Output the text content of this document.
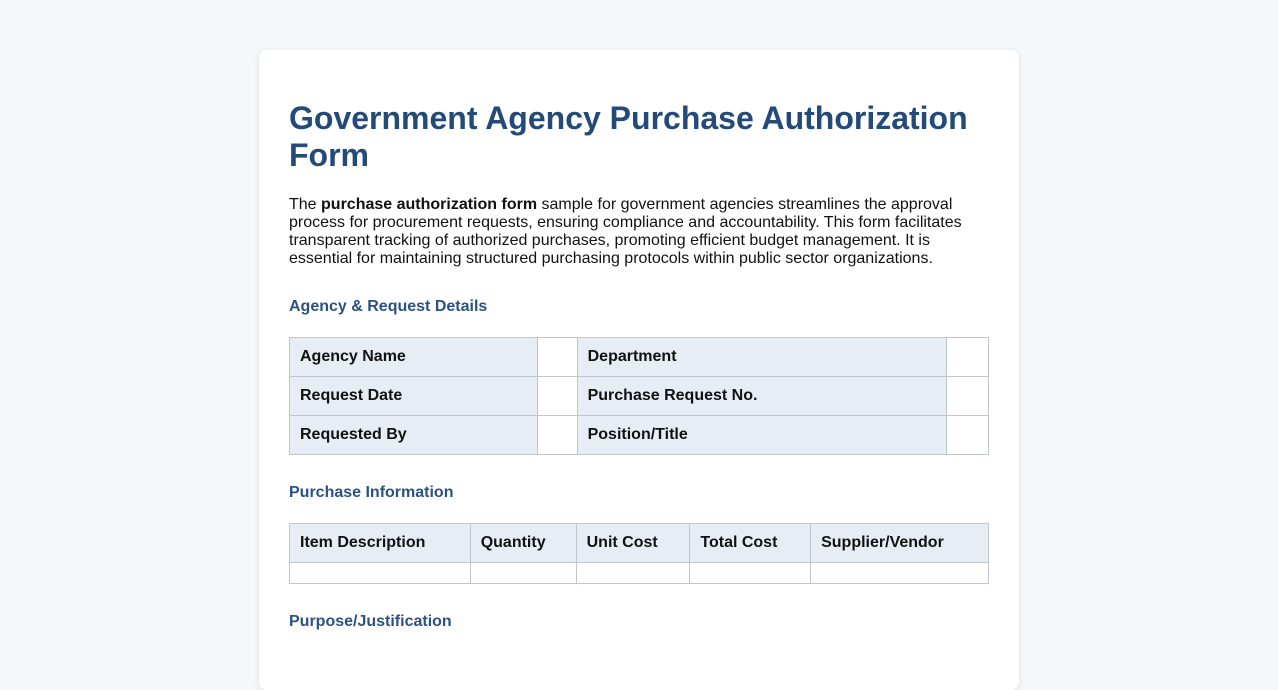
Government Agency Purchase Authorization Form

The purchase authorization form sample for government agencies streamlines the approval process for procurement requests, ensuring compliance and accountability. This form facilitates transparent tracking of authorized purchases, promoting efficient budget management. It is essential for maintaining structured purchasing protocols within public sector organizations.

Agency & Request Details
Agency Name		Department	
Request Date		Purchase Request No.	
Requested By		Position/Title	
Purchase Information
Item Description	Quantity	Unit Cost	Total Cost	Supplier/Vendor

Purpose/Justification
